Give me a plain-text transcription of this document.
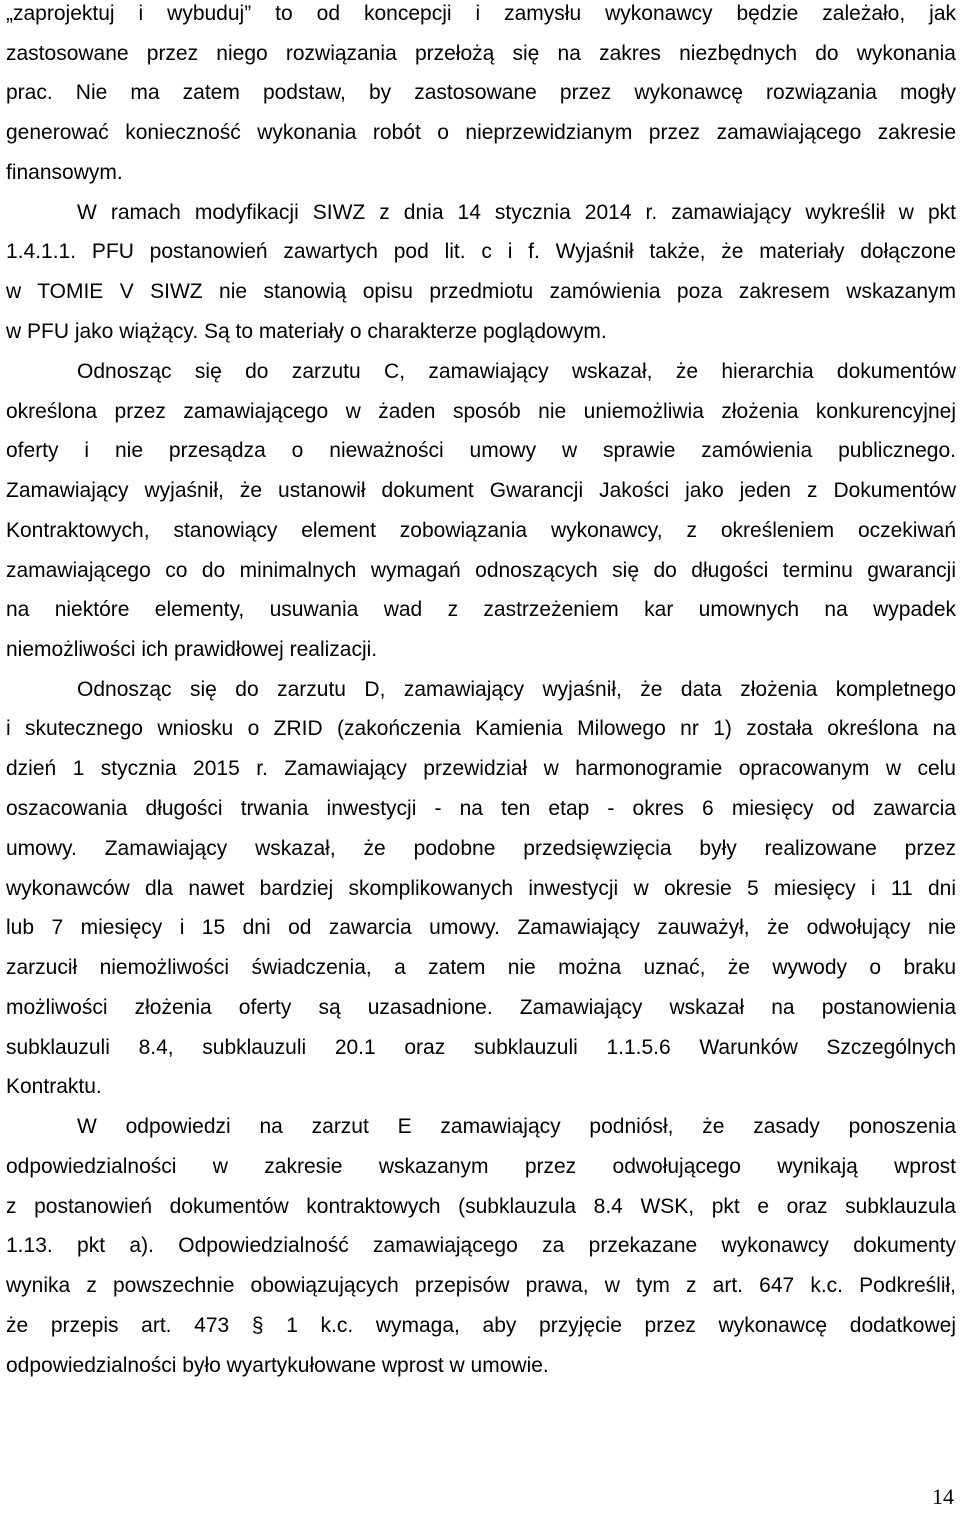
„zaprojektuj i wybuduj” to od koncepcji i zamysłu wykonawcy będzie zależało, jak
zastosowane przez niego rozwiązania przełożą się na zakres niezbędnych do wykonania
prac. Nie ma zatem podstaw, by zastosowane przez wykonawcę rozwiązania mogły
generować konieczność wykonania robót o nieprzewidzianym przez zamawiającego zakresie
finansowym.
W ramach modyfikacji SIWZ z dnia 14 stycznia 2014 r. zamawiający wykreślił w pkt
1.4.1.1. PFU postanowień zawartych pod lit. c i f. Wyjaśnił także, że materiały dołączone
w TOMIE V SIWZ nie stanowią opisu przedmiotu zamówienia poza zakresem wskazanym
w PFU jako wiążący. Są to materiały o charakterze poglądowym.
Odnosząc się do zarzutu C, zamawiający wskazał, że hierarchia dokumentów
określona przez zamawiającego w żaden sposób nie uniemożliwia złożenia konkurencyjnej
oferty i nie przesądza o nieważności umowy w sprawie zamówienia publicznego.
Zamawiający wyjaśnił, że ustanowił dokument Gwarancji Jakości jako jeden z Dokumentów
Kontraktowych, stanowiący element zobowiązania wykonawcy, z określeniem oczekiwań
zamawiającego co do minimalnych wymagań odnoszących się do długości terminu gwarancji
na niektóre elementy, usuwania wad z zastrzeżeniem kar umownych na wypadek
niemożliwości ich prawidłowej realizacji.
Odnosząc się do zarzutu D, zamawiający wyjaśnił, że data złożenia kompletnego
i skutecznego wniosku o ZRID (zakończenia Kamienia Milowego nr 1) została określona na
dzień 1 stycznia 2015 r. Zamawiający przewidział w harmonogramie opracowanym w celu
oszacowania długości trwania inwestycji - na ten etap - okres 6 miesięcy od zawarcia
umowy. Zamawiający wskazał, że podobne przedsięwzięcia były realizowane przez
wykonawców dla nawet bardziej skomplikowanych inwestycji w okresie 5 miesięcy i 11 dni
lub 7 miesięcy i 15 dni od zawarcia umowy. Zamawiający zauważył, że odwołujący nie
zarzucił niemożliwości świadczenia, a zatem nie można uznać, że wywody o braku
możliwości złożenia oferty są uzasadnione. Zamawiający wskazał na postanowienia
subklauzuli 8.4, subklauzuli 20.1 oraz subklauzuli 1.1.5.6 Warunków Szczególnych
Kontraktu.
W odpowiedzi na zarzut E zamawiający podniósł, że zasady ponoszenia
odpowiedzialności w zakresie wskazanym przez odwołującego wynikają wprost
z postanowień dokumentów kontraktowych (subklauzula 8.4 WSK, pkt e oraz subklauzula
1.13. pkt a). Odpowiedzialność zamawiającego za przekazane wykonawcy dokumenty
wynika z powszechnie obowiązujących przepisów prawa, w tym z art. 647 k.c. Podkreślił,
że przepis art. 473 § 1 k.c. wymaga, aby przyjęcie przez wykonawcę dodatkowej
odpowiedzialności było wyartykułowane wprost w umowie.
14
